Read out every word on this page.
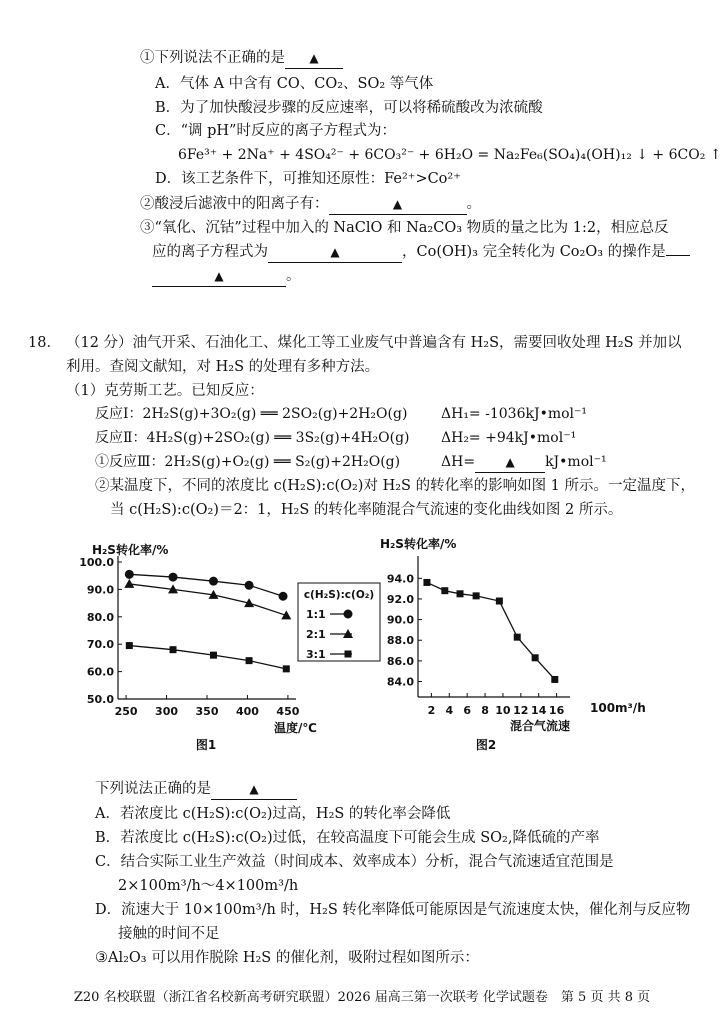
①下列说法不正确的是 ▲
A．气体 A 中含有 CO、CO₂、SO₂ 等气体
B．为了加快酸浸步骤的反应速率，可以将稀硫酸改为浓硫酸
C．“调 pH”时反应的离子方程式为：
6Fe³⁺ + 2Na⁺ + 4SO₄²⁻ + 6CO₃²⁻ + 6H₂O = Na₂Fe₆(SO₄)₄(OH)₁₂ ↓ + 6CO₂ ↑
D．该工艺条件下，可推知还原性：Fe²⁺>Co²⁺
②酸浸后滤液中的阳离子有：	▲	。
③“氧化、沉钴”过程中加入的 NaClO 和 Na₂CO₃ 物质的量之比为 1:2，相应总反
应的离子方程式为	▲	，Co(OH)₃ 完全转化为 Co₂O₃ 的操作是
▲	。
18． （12 分）油气开采、石油化工、煤化工等工业废气中普遍含有 H₂S，需要回收处理 H₂S 并加以
利用。查阅文献知，对 H₂S 的处理有多种方法。
（1）克劳斯工艺。已知反应：
反应Ⅰ：2H₂S(g)+3O₂(g) ══ 2SO₂(g)+2H₂O(g) ΔH₁= -1036kJ•mol⁻¹
反应Ⅱ：4H₂S(g)+2SO₂(g) ══ 3S₂(g)+4H₂O(g) ΔH₂= +94kJ•mol⁻¹
①反应Ⅲ：2H₂S(g)+O₂(g) ══ S₂(g)+2H₂O(g)	ΔH=	▲ kJ•mol⁻¹
②某温度下，不同的浓度比 c(H₂S):c(O₂)对 H₂S 的转化率的影响如图 1 所示。一定温度下，
当 c(H₂S):c(O₂)＝2：1，H₂S 的转化率随混合气流速的变化曲线如图 2 所示。
H₂S转化率/%
100.0
90.0
80.0
70.0
60.0
50.0
250 300 350 400 450
温度/℃
图1
c(H₂S):c(O₂)
1:1
2:1
3:1
H₂S转化率/%
94.0
92.0
90.0
88.0
86.0
84.0
2 4 6 8 10 12 14 16 100m³/h
混合气流速
图2
下列说法正确的是	▲
A．若浓度比 c(H₂S):c(O₂)过高，H₂S 的转化率会降低
B．若浓度比 c(H₂S):c(O₂)过低，在较高温度下可能会生成 SO₂,降低硫的产率
C．结合实际工业生产效益（时间成本、效率成本）分析，混合气流速适宜范围是
2×100m³/h～4×100m³/h
D．流速大于 10×100m³/h 时，H₂S 转化率降低可能原因是气流速度太快，催化剂与反应物
接触的时间不足
③Al₂O₃ 可以用作脱除 H₂S 的催化剂，吸附过程如图所示：
Z20 名校联盟（浙江省名校新高考研究联盟）2026 届高三第一次联考 化学试题卷　第 5 页 共 8 页
